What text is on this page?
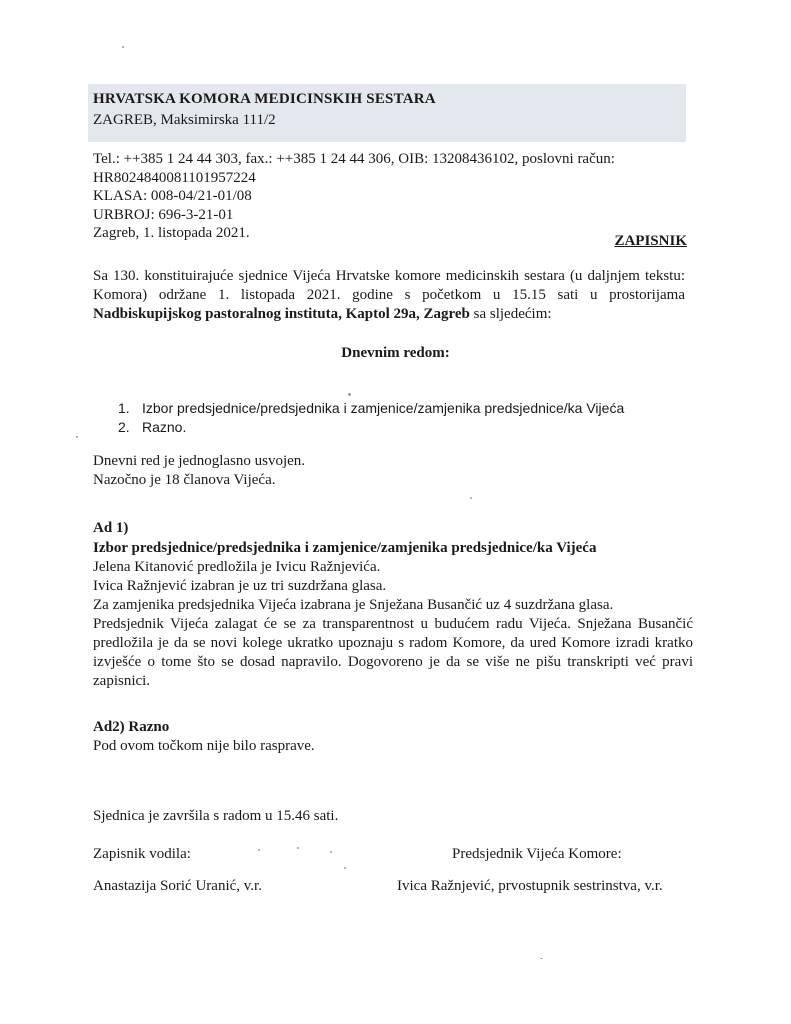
HRVATSKA KOMORA MEDICINSKIH SESTARA
ZAGREB, Maksimirska 111/2
Tel.: ++385 1 24 44 303, fax.: ++385 1 24 44 306, OIB: 13208436102, poslovni račun:
HR8024840081101957224
KLASA: 008-04/21-01/08
URBROJ: 696-3-21-01
Zagreb, 1. listopada 2021.	ZAPISNIK
Sa 130. konstituirajuće sjednice Vijeća Hrvatske komore medicinskih sestara (u daljnjem tekstu: Komora) održane 1. listopada 2021. godine s početkom u 15.15 sati u prostorijama Nadbiskupijskog pastoralnog instituta, Kaptol 29a, Zagreb sa sljedećim:
Dnevnim redom:
1. Izbor predsjednice/predsjednika i zamjenice/zamjenika predsjednice/ka Vijeća
2. Razno.
Dnevni red je jednoglasno usvojen.
Nazočno je 18 članova Vijeća.
Ad 1)
Izbor predsjednice/predsjednika i zamjenice/zamjenika predsjednice/ka Vijeća

Jelena Kitanović predložila je Ivicu Ražnjevića.

Ivica Ražnjević izabran je uz tri suzdržana glasa.

Za zamjenika predsjednika Vijeća izabrana je Snježana Busančić uz 4 suzdržana glasa.

Predsjednik Vijeća zalagat će se za transparentnost u budućem radu Vijeća. Snježana Busančić predložila je da se novi kolege ukratko upoznaju s radom Komore, da ured Komore izradi kratko izvješće o tome što se dosad napravilo. Dogovoreno je da se više ne pišu transkripti već pravi zapisnici.

Ad2) Razno
Pod ovom točkom nije bilo rasprave.
Sjednica je završila s radom u 15.46 sati.
Zapisnik vodila:	Predsjednik Vijeća Komore:
Anastazija Sorić Uranić, v.r.	Ivica Ražnjević, prvostupnik sestrinstva, v.r.
